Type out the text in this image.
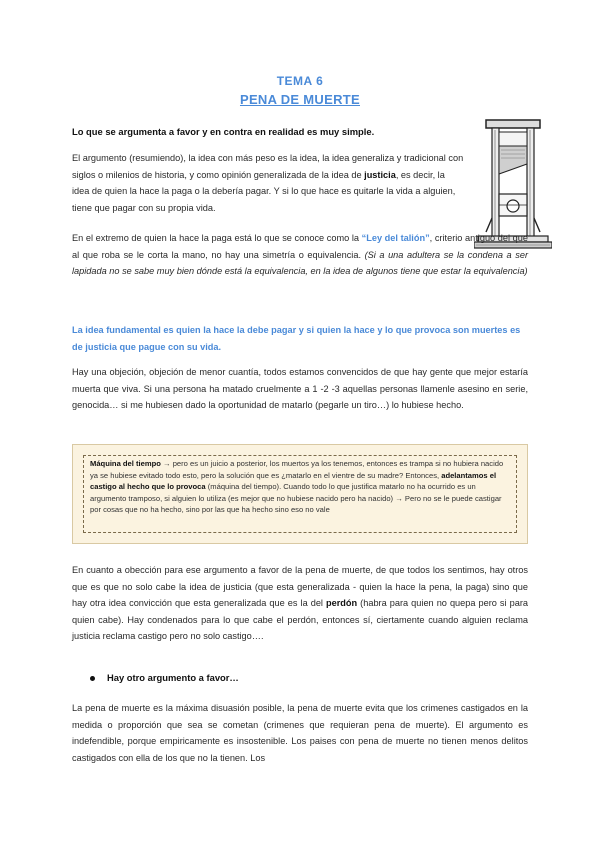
TEMA 6
PENA DE MUERTE

Lo que se argumenta a favor y en contra en realidad es muy simple.

El argumento (resumiendo), la idea con más peso es la idea, la idea generaliza y tradicional con siglos o milenios de historia, y como opinión generalizada de la idea de justicia, es decir, la idea de quien la hace la paga o la debería pagar. Y si lo que hace es quitarle la vida a alguien, tiene que pagar con su propia vida.

En el extremo de quien la hace la paga está lo que se conoce como la “Ley del talión”, criterio antiguo del que al que roba se le corta la mano, no hay una simetría o equivalencia. (Si a una adultera se la condena a ser lapidada no se sabe muy bien dónde está la equivalencia, en la idea de algunos tiene que estar la equivalencia)

La idea fundamental es quien la hace la debe pagar y si quien la hace y lo que provoca son muertes es de justicia que pague con su vida.

Hay una objeción, objeción de menor cuantía, todos estamos convencidos de que hay gente que mejor estaría muerta que viva. Si una persona ha matado cruelmente a 1 -2 -3 aquellas personas llamenle asesino en serie, genocida… si me hubiesen dado la oportunidad de matarlo (pegarle un tiro…) lo hubiese hecho.

Máquina del tiempo → pero es un juicio a posterior, los muertos ya los tenemos, entonces es trampa si no hubiera nacido ya se hubiese evitado todo esto, pero la solución que es ¿matarlo en el vientre de su madre? Entonces, adelantamos el castigo al hecho que lo provoca (máquina del tiempo). Cuando todo lo que justifica matarlo no ha ocurrido es un argumento tramposo, si alguien lo utiliza (es mejor que no hubiese nacido pero ha nacido) → Pero no se le puede castigar por cosas que no ha hecho, sino por las que ha hecho sino eso no vale

En cuanto a obección para ese argumento a favor de la pena de muerte, de que todos los sentimos, hay otros que es que no solo cabe la idea de justicia (que esta generalizada - quien la hace la pena, la paga) sino que hay otra idea convicción que esta generalizada que es la del perdón (habra para quien no quepa pero si para quien cabe). Hay condenados para lo que cabe el perdón, entonces sí, ciertamente cuando alguien reclama justicia reclama castigo pero no solo castigo….

Hay otro argumento a favor…

La pena de muerte es la máxima disuasión posible, la pena de muerte evita que los crimenes castigados en la medida o proporción que sea se cometan (crimenes que requieran pena de muerte). El argumento es indefendible, porque empiricamente es insostenible. Los paises con pena de muerte no tienen menos delitos castigados con ella de los que no la tienen. Los
